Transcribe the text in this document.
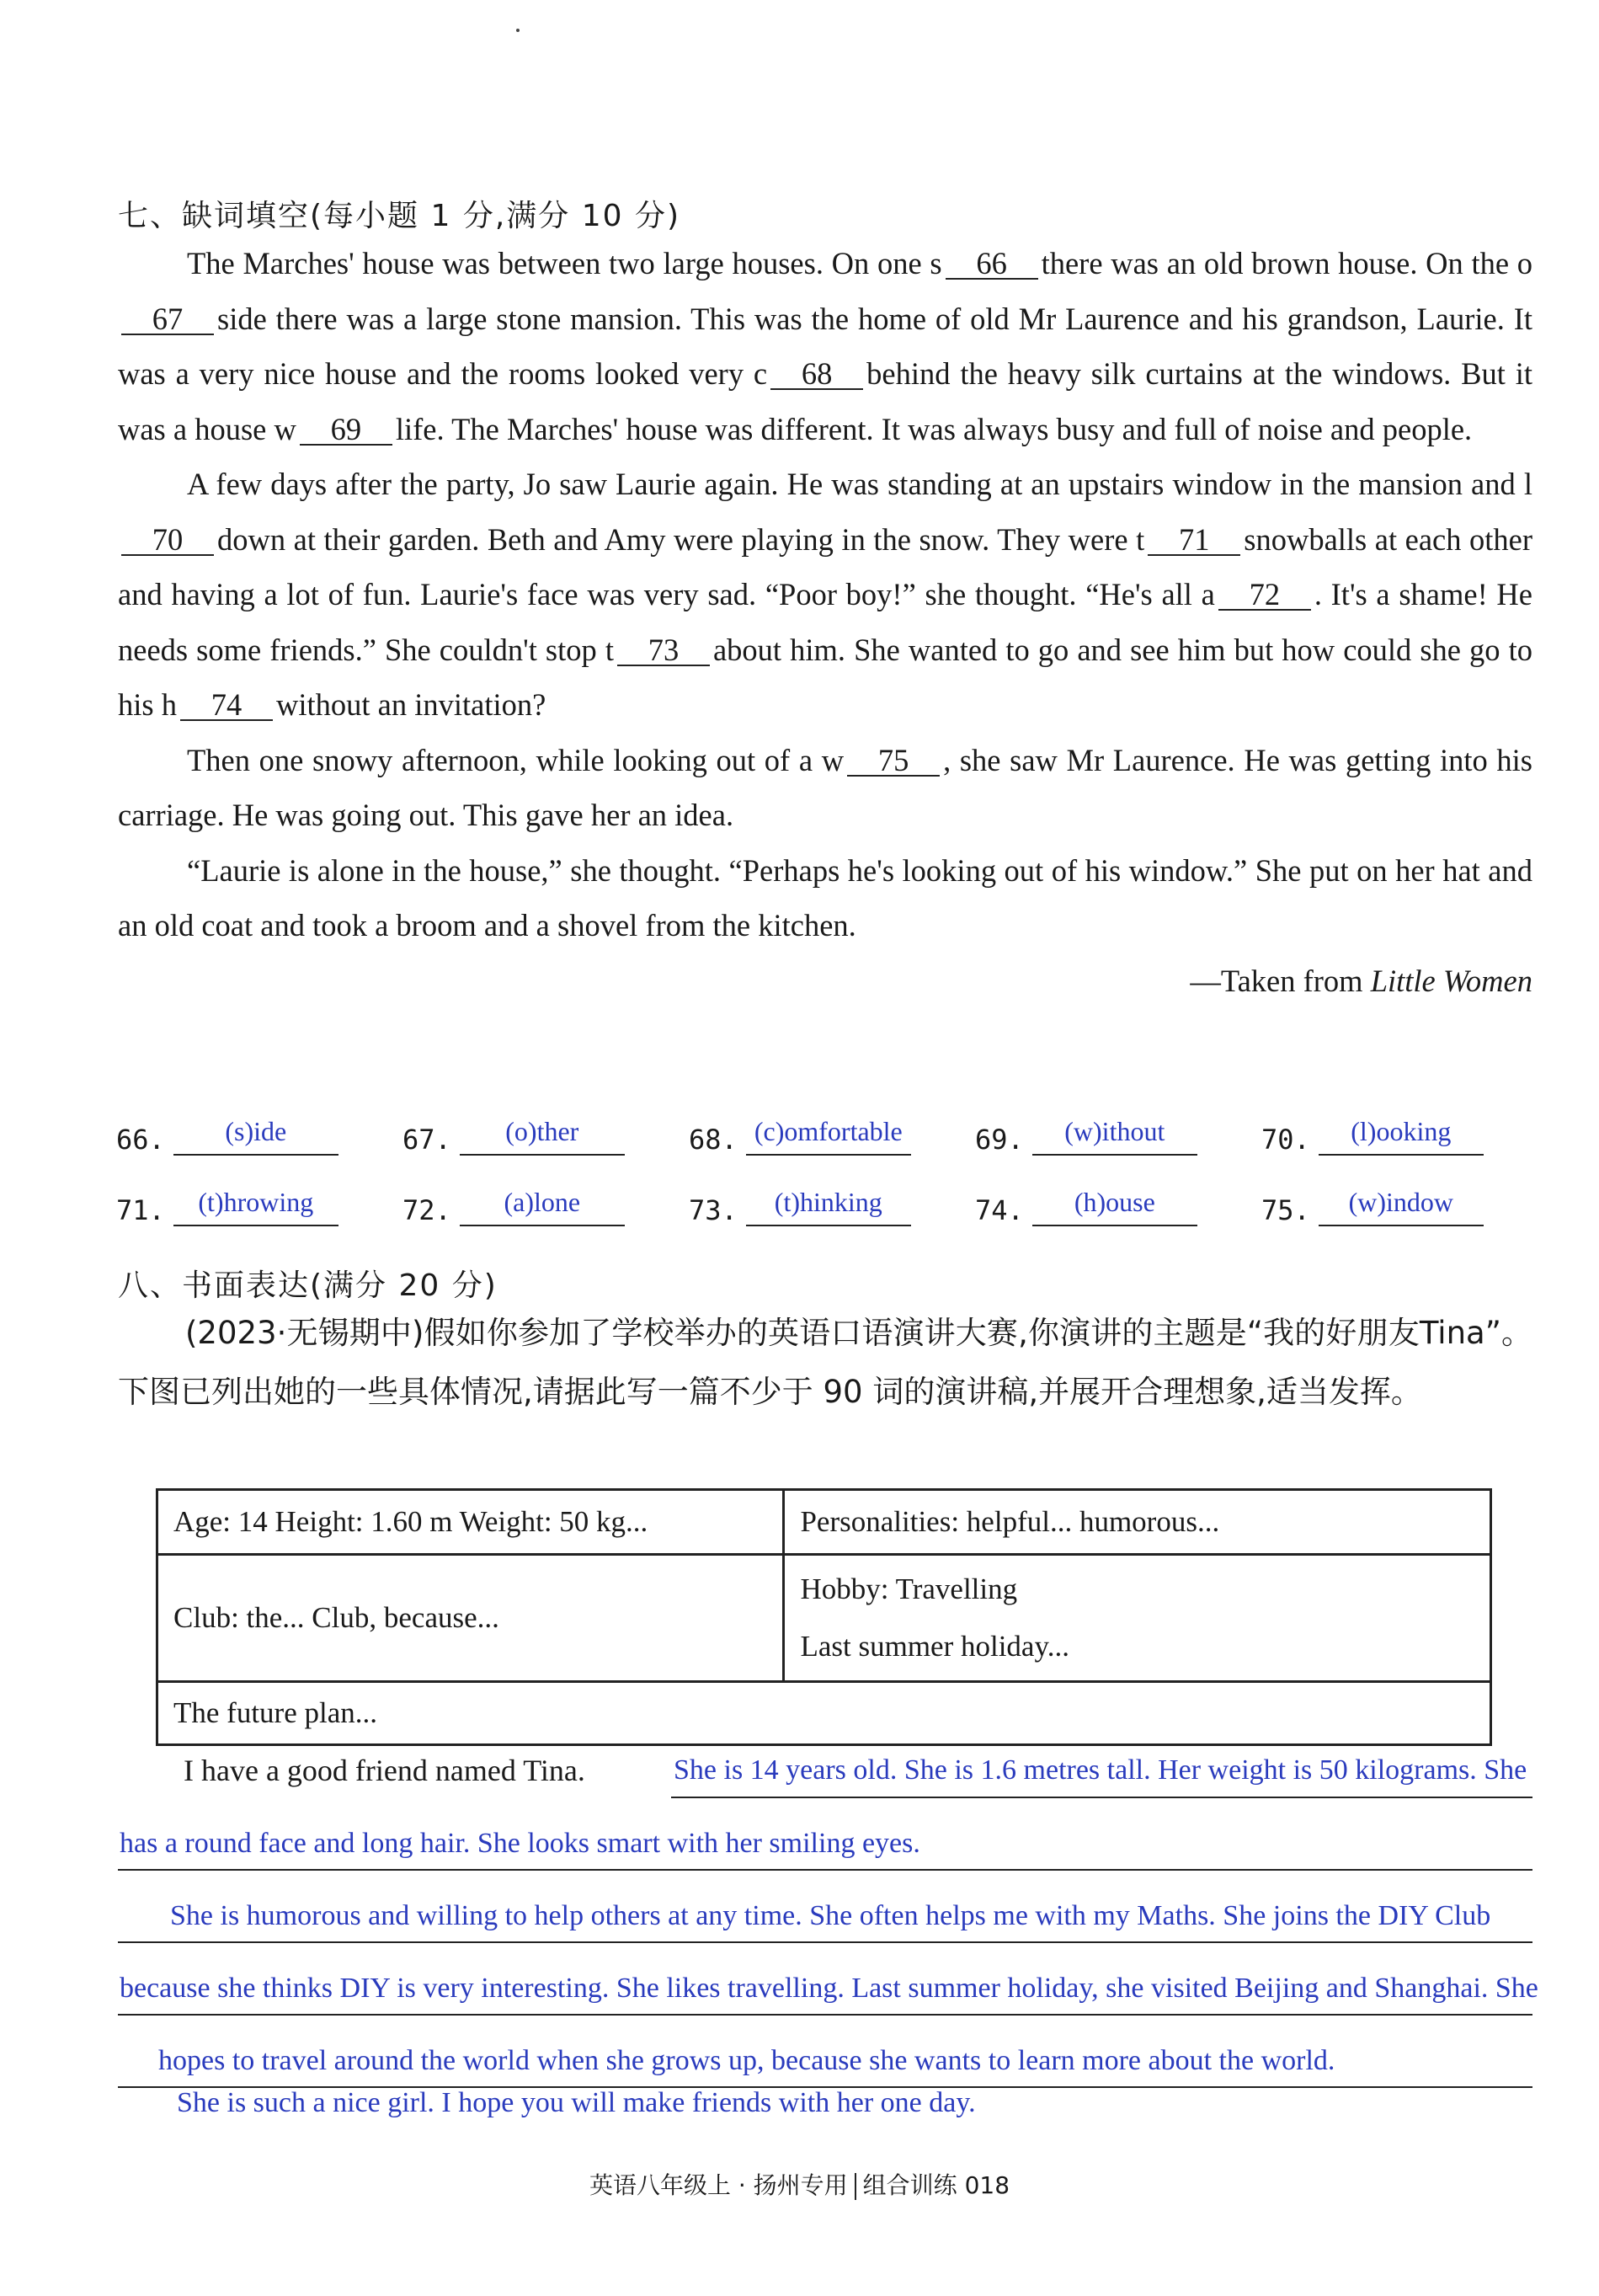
七、缺词填空(每小题 1 分,满分 10 分)

The Marches' house was between two large houses. On one s 66 there was an old brown house. On the o67 side there was a large stone mansion. This was the home of old Mr Laurence and his grandson, Laurie. It was a very nice house and the rooms looked very c 68 behind the heavy silk curtains at the windows. But it was a house w 69 life. The Marches' house was different. It was always busy and full of noise and people.

A few days after the party, Jo saw Laurie again. He was standing at an upstairs window in the mansion and l70 down at their garden. Beth and Amy were playing in the snow. They were t 71 snowballs at each other and having a lot of fun. Laurie's face was very sad. “Poor boy!” she thought. “He's all a 72 . It's a shame! He needs some friends.” She couldn't stop t 73 about him. She wanted to go and see him but how could she go to his h 74 without an invitation?

Then one snowy afternoon, while looking out of a w 75 , she saw Mr Laurence. He was getting into his carriage. He was going out. This gave her an idea.

“Laurie is alone in the house,” she thought. “Perhaps he's looking out of his window.” She put on her hat and an old coat and took a broom and a shovel from the kitchen.

—Taken from Little Women

66.	(s)ide	67.	(o)ther	68. (c)omfortable	69.	(w)ithout	70.	(l)ooking
71.	(t)hrowing	72.	(a)lone	73.	(t)hinking	74.	(h)ouse	75.	(w)indow
八、书面表达(满分 20 分)

(2023·无锡期中)假如你参加了学校举办的英语口语演讲大赛,你演讲的主题是“我的好朋友Tina”。下图已列出她的一些具体情况,请据此写一篇不少于 90 词的演讲稿,并展开合理想象,适当发挥。

Age: 14 Height: 1.60 m Weight: 50 kg...	Personalities: helpful... humorous...
Club: the... Club, because...	Hobby: Travelling
Last summer holiday...

The future plan...	
I have a good friend named Tina.	She is 14 years old. She is 1.6 metres tall. Her weight is 50 kilograms. She
has a round face and long hair. She looks smart with her smiling eyes.
She is humorous and willing to help others at any time. She often helps me with my Maths. She joins the DIY Club
because she thinks DIY is very interesting. She likes travelling. Last summer holiday, she visited Beijing and Shanghai. She
hopes to travel around the world when she grows up, because she wants to learn more about the world.
She is such a nice girl. I hope you will make friends with her one day.
英语八年级上 · 扬州专用 组合训练 018
